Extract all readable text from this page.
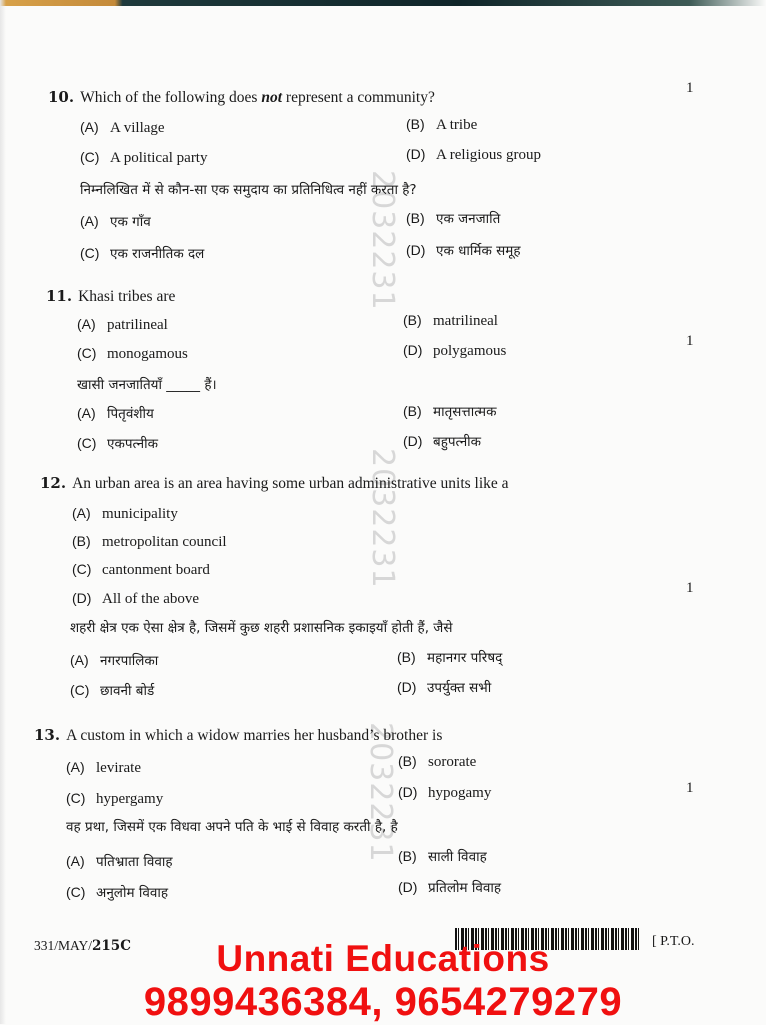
2032231
2032231
2032231
10. Which of the following does not represent a community?
1
(A) A village	(B) A tribe
(C) A political party	(D) A religious group
निम्नलिखित में से कौन-सा एक समुदाय का प्रतिनिधित्व नहीं करता है?
(A) एक गाँव	(B) एक जनजाति
(C) एक राजनीतिक दल	(D) एक धार्मिक समूह
11. Khasi tribes are
1
(A) patrilineal	(B) matrilineal
(C) monogamous	(D) polygamous
खासी जनजातियाँ _____ हैं।
(A) पितृवंशीय	(B) मातृसत्तात्मक
(C) एकपत्नीक	(D) बहुपत्नीक
12. An urban area is an area having some urban administrative units like a
1
(A) municipality
(B) metropolitan council
(C) cantonment board
(D) All of the above
शहरी क्षेत्र एक ऐसा क्षेत्र है, जिसमें कुछ शहरी प्रशासनिक इकाइयाँ होती हैं, जैसे
(A) नगरपालिका	(B) महानगर परिषद्
(C) छावनी बोर्ड	(D) उपर्युक्त सभी
13. A custom in which a widow marries her husband’s brother is
1
(A) levirate	(B) sororate
(C) hypergamy	(D) hypogamy
वह प्रथा, जिसमें एक विधवा अपने पति के भाई से विवाह करती है, है
(A) पतिभ्राता विवाह	(B) साली विवाह
(C) अनुलोम विवाह	(D) प्रतिलोम विवाह
331/MAY/215C	[ P.T.O.
Unnati Educations
9899436384, 9654279279
